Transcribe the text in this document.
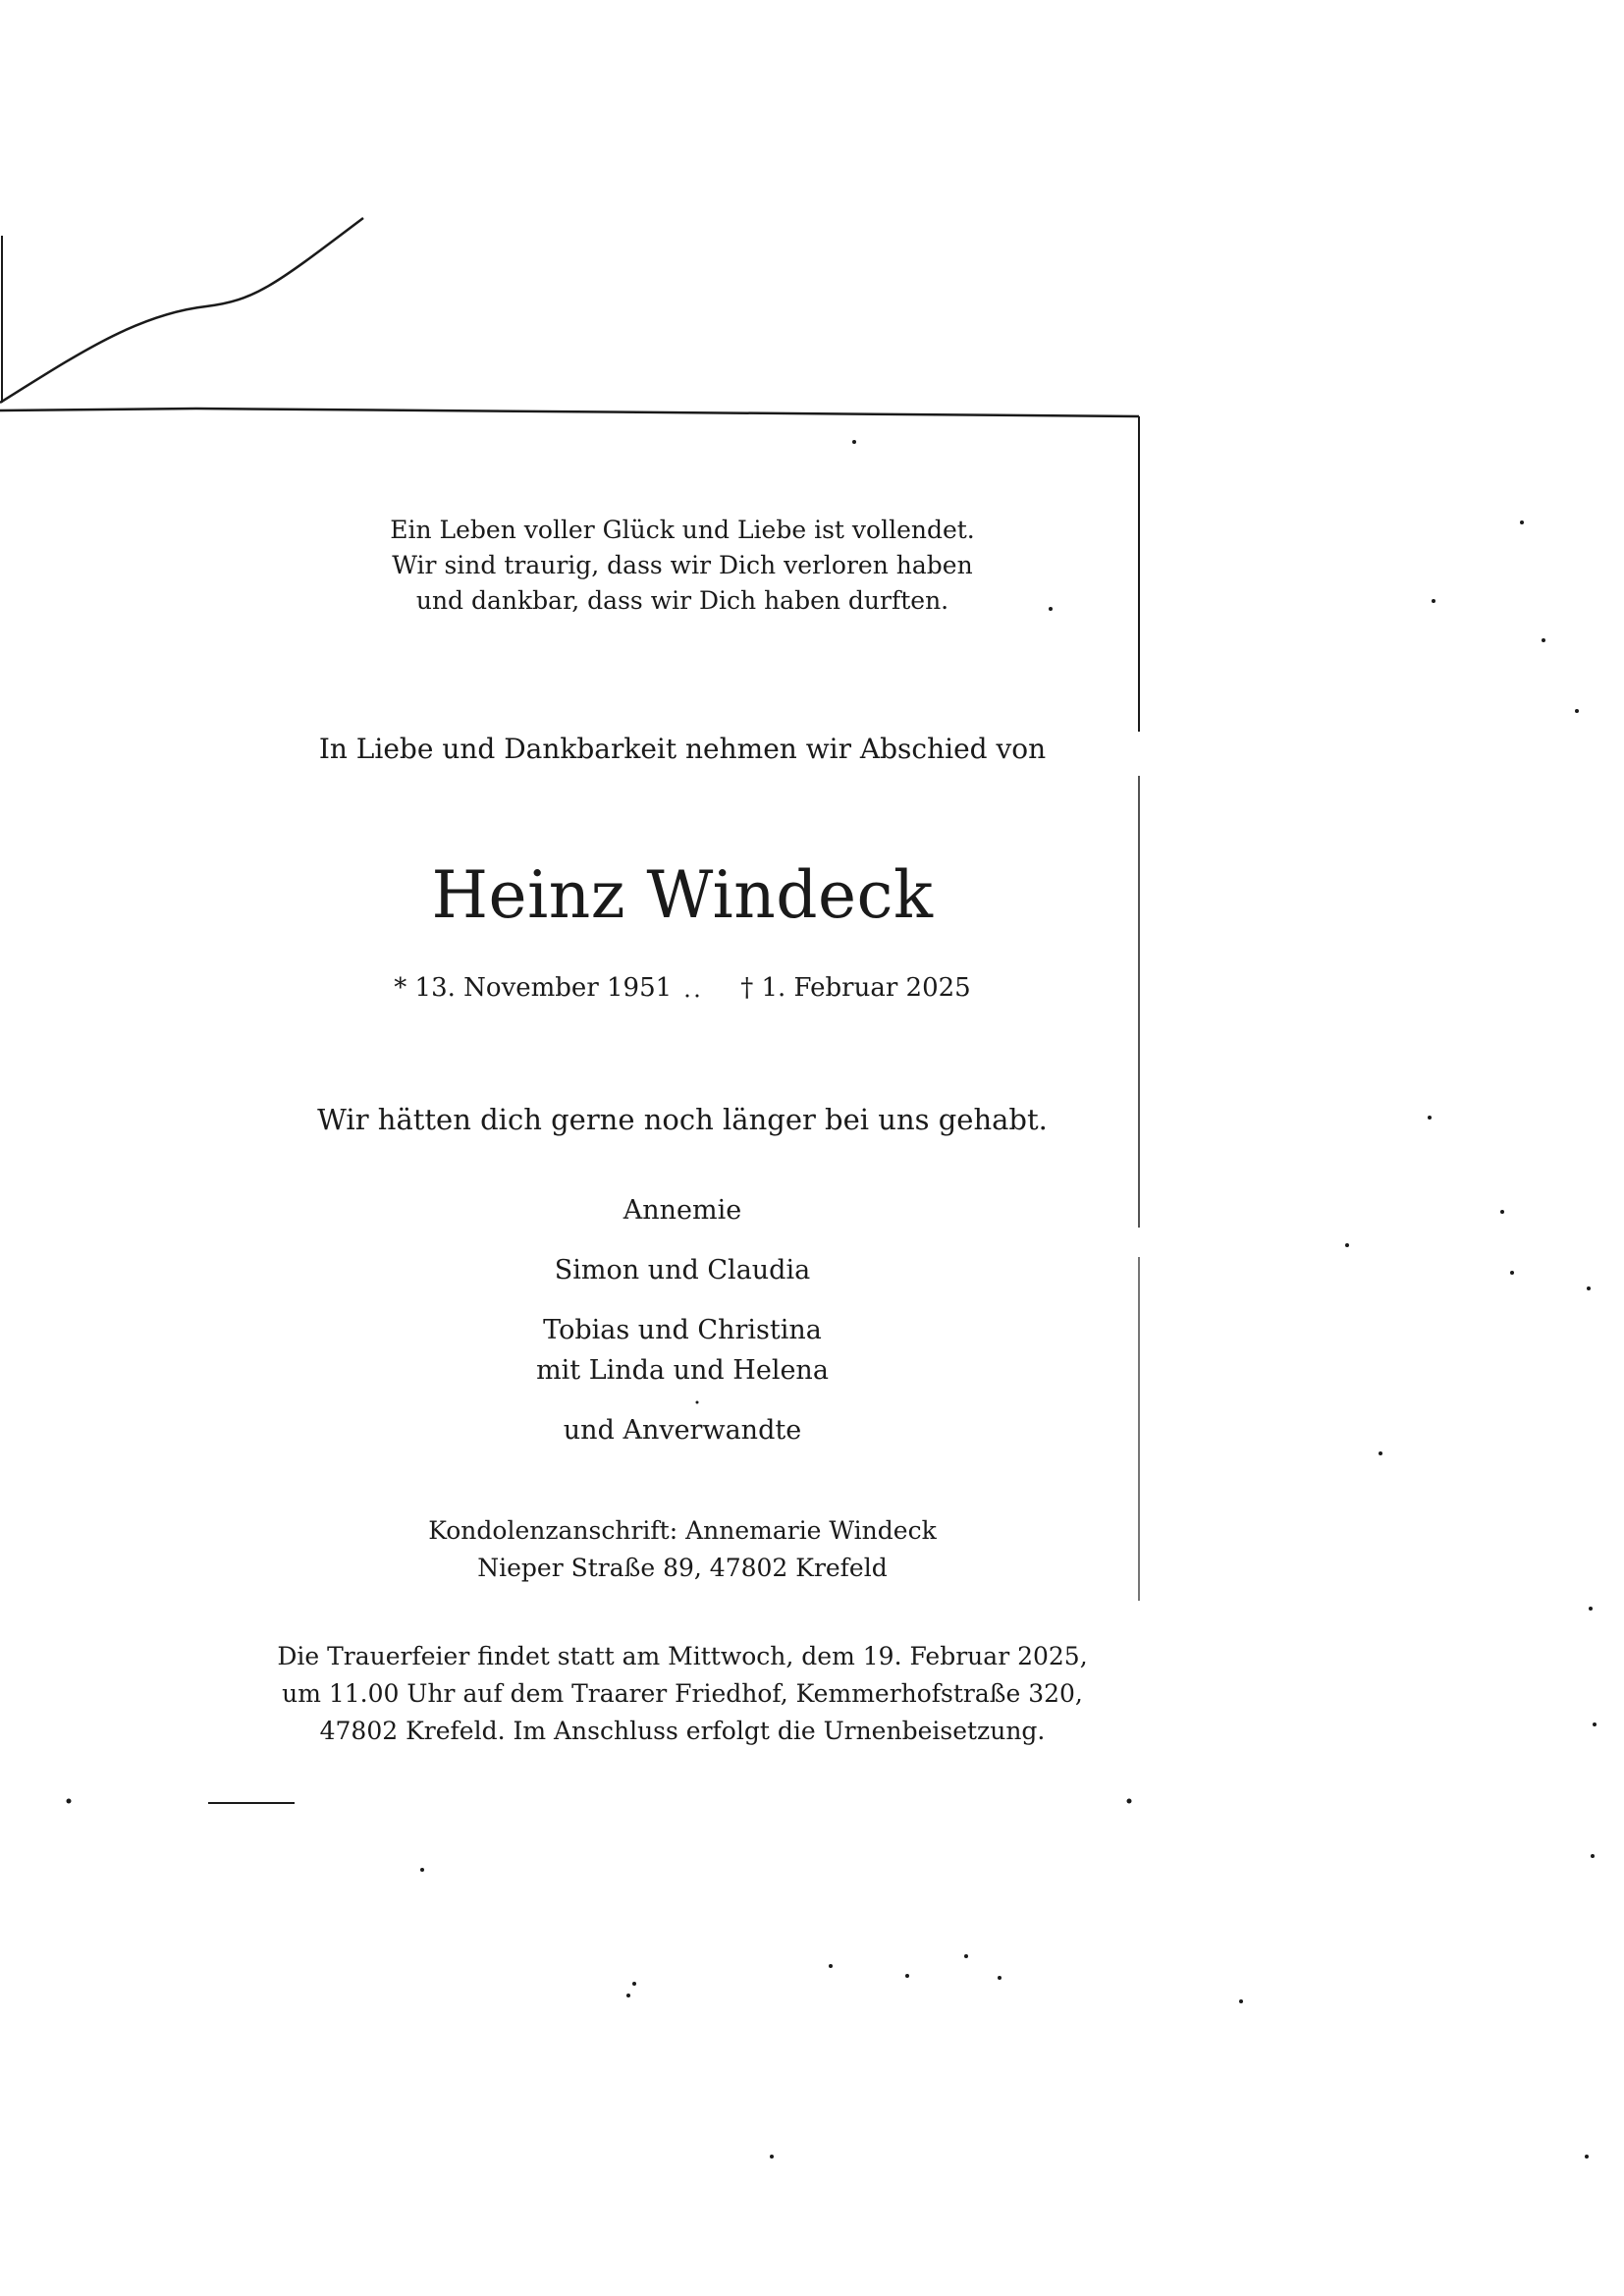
Ein Leben voller Glück und Liebe ist vollendet.
Wir sind traurig, dass wir Dich verloren haben
und dankbar, dass wir Dich haben durften.
In Liebe und Dankbarkeit nehmen wir Abschied von
Heinz Windeck
* 13. November 1951	† 1. Februar 2025
Wir hätten dich gerne noch länger bei uns gehabt.
Annemie
Simon und Claudia
Tobias und Christina
mit Linda und Helena
und Anverwandte
Kondolenzanschrift: Annemarie Windeck
Nieper Straße 89, 47802 Krefeld
Die Trauerfeier findet statt am Mittwoch, dem 19. Februar 2025,
um 11.00 Uhr auf dem Traarer Friedhof, Kemmerhofstraße 320,
47802 Krefeld. Im Anschluss erfolgt die Urnenbeisetzung.
